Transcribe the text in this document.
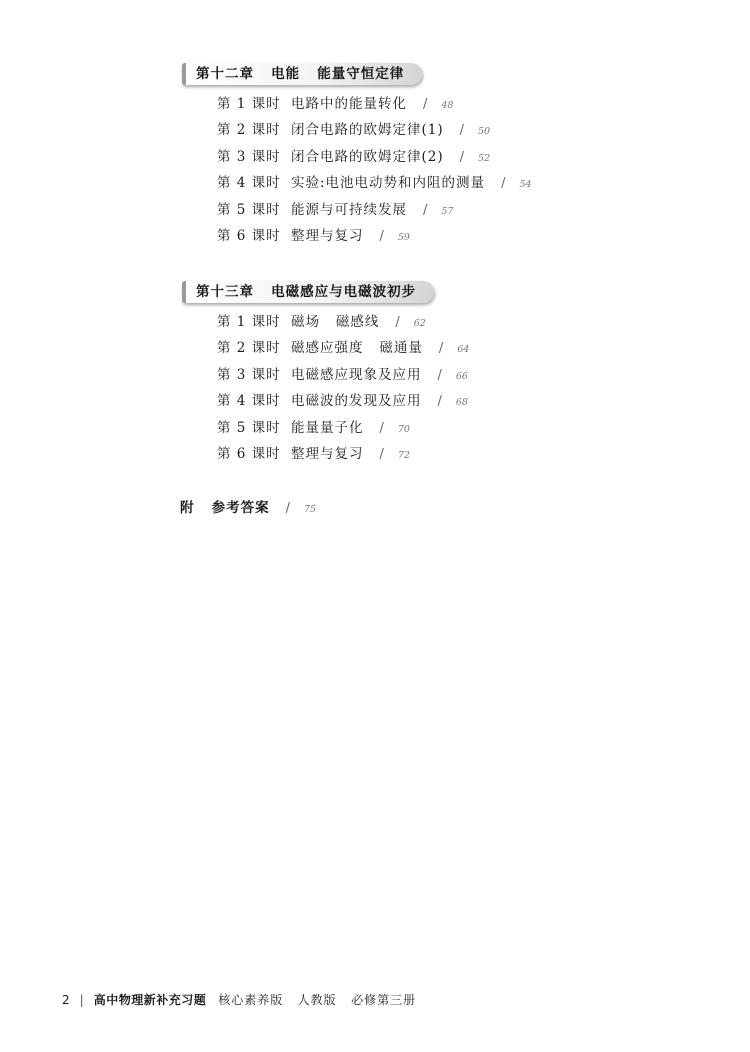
第十二章   电能   能量守恒定律
第 1 课时 电路中的能量转化 / 48
第 2 课时 闭合电路的欧姆定律(1) / 50
第 3 课时 闭合电路的欧姆定律(2) / 52
第 4 课时 实验:电池电动势和内阻的测量 / 54
第 5 课时 能源与可持续发展 / 57
第 6 课时 整理与复习 / 59
第十三章   电磁感应与电磁波初步
第 1 课时 磁场   磁感线 / 62
第 2 课时 磁感应强度   磁通量 / 64
第 3 课时 电磁感应现象及应用 / 66
第 4 课时 电磁波的发现及应用 / 68
第 5 课时 能量量子化 / 70
第 6 课时 整理与复习 / 72
附   参考答案 / 75
2 | 高中物理新补充习题 核心素养版   人教版   必修第三册
